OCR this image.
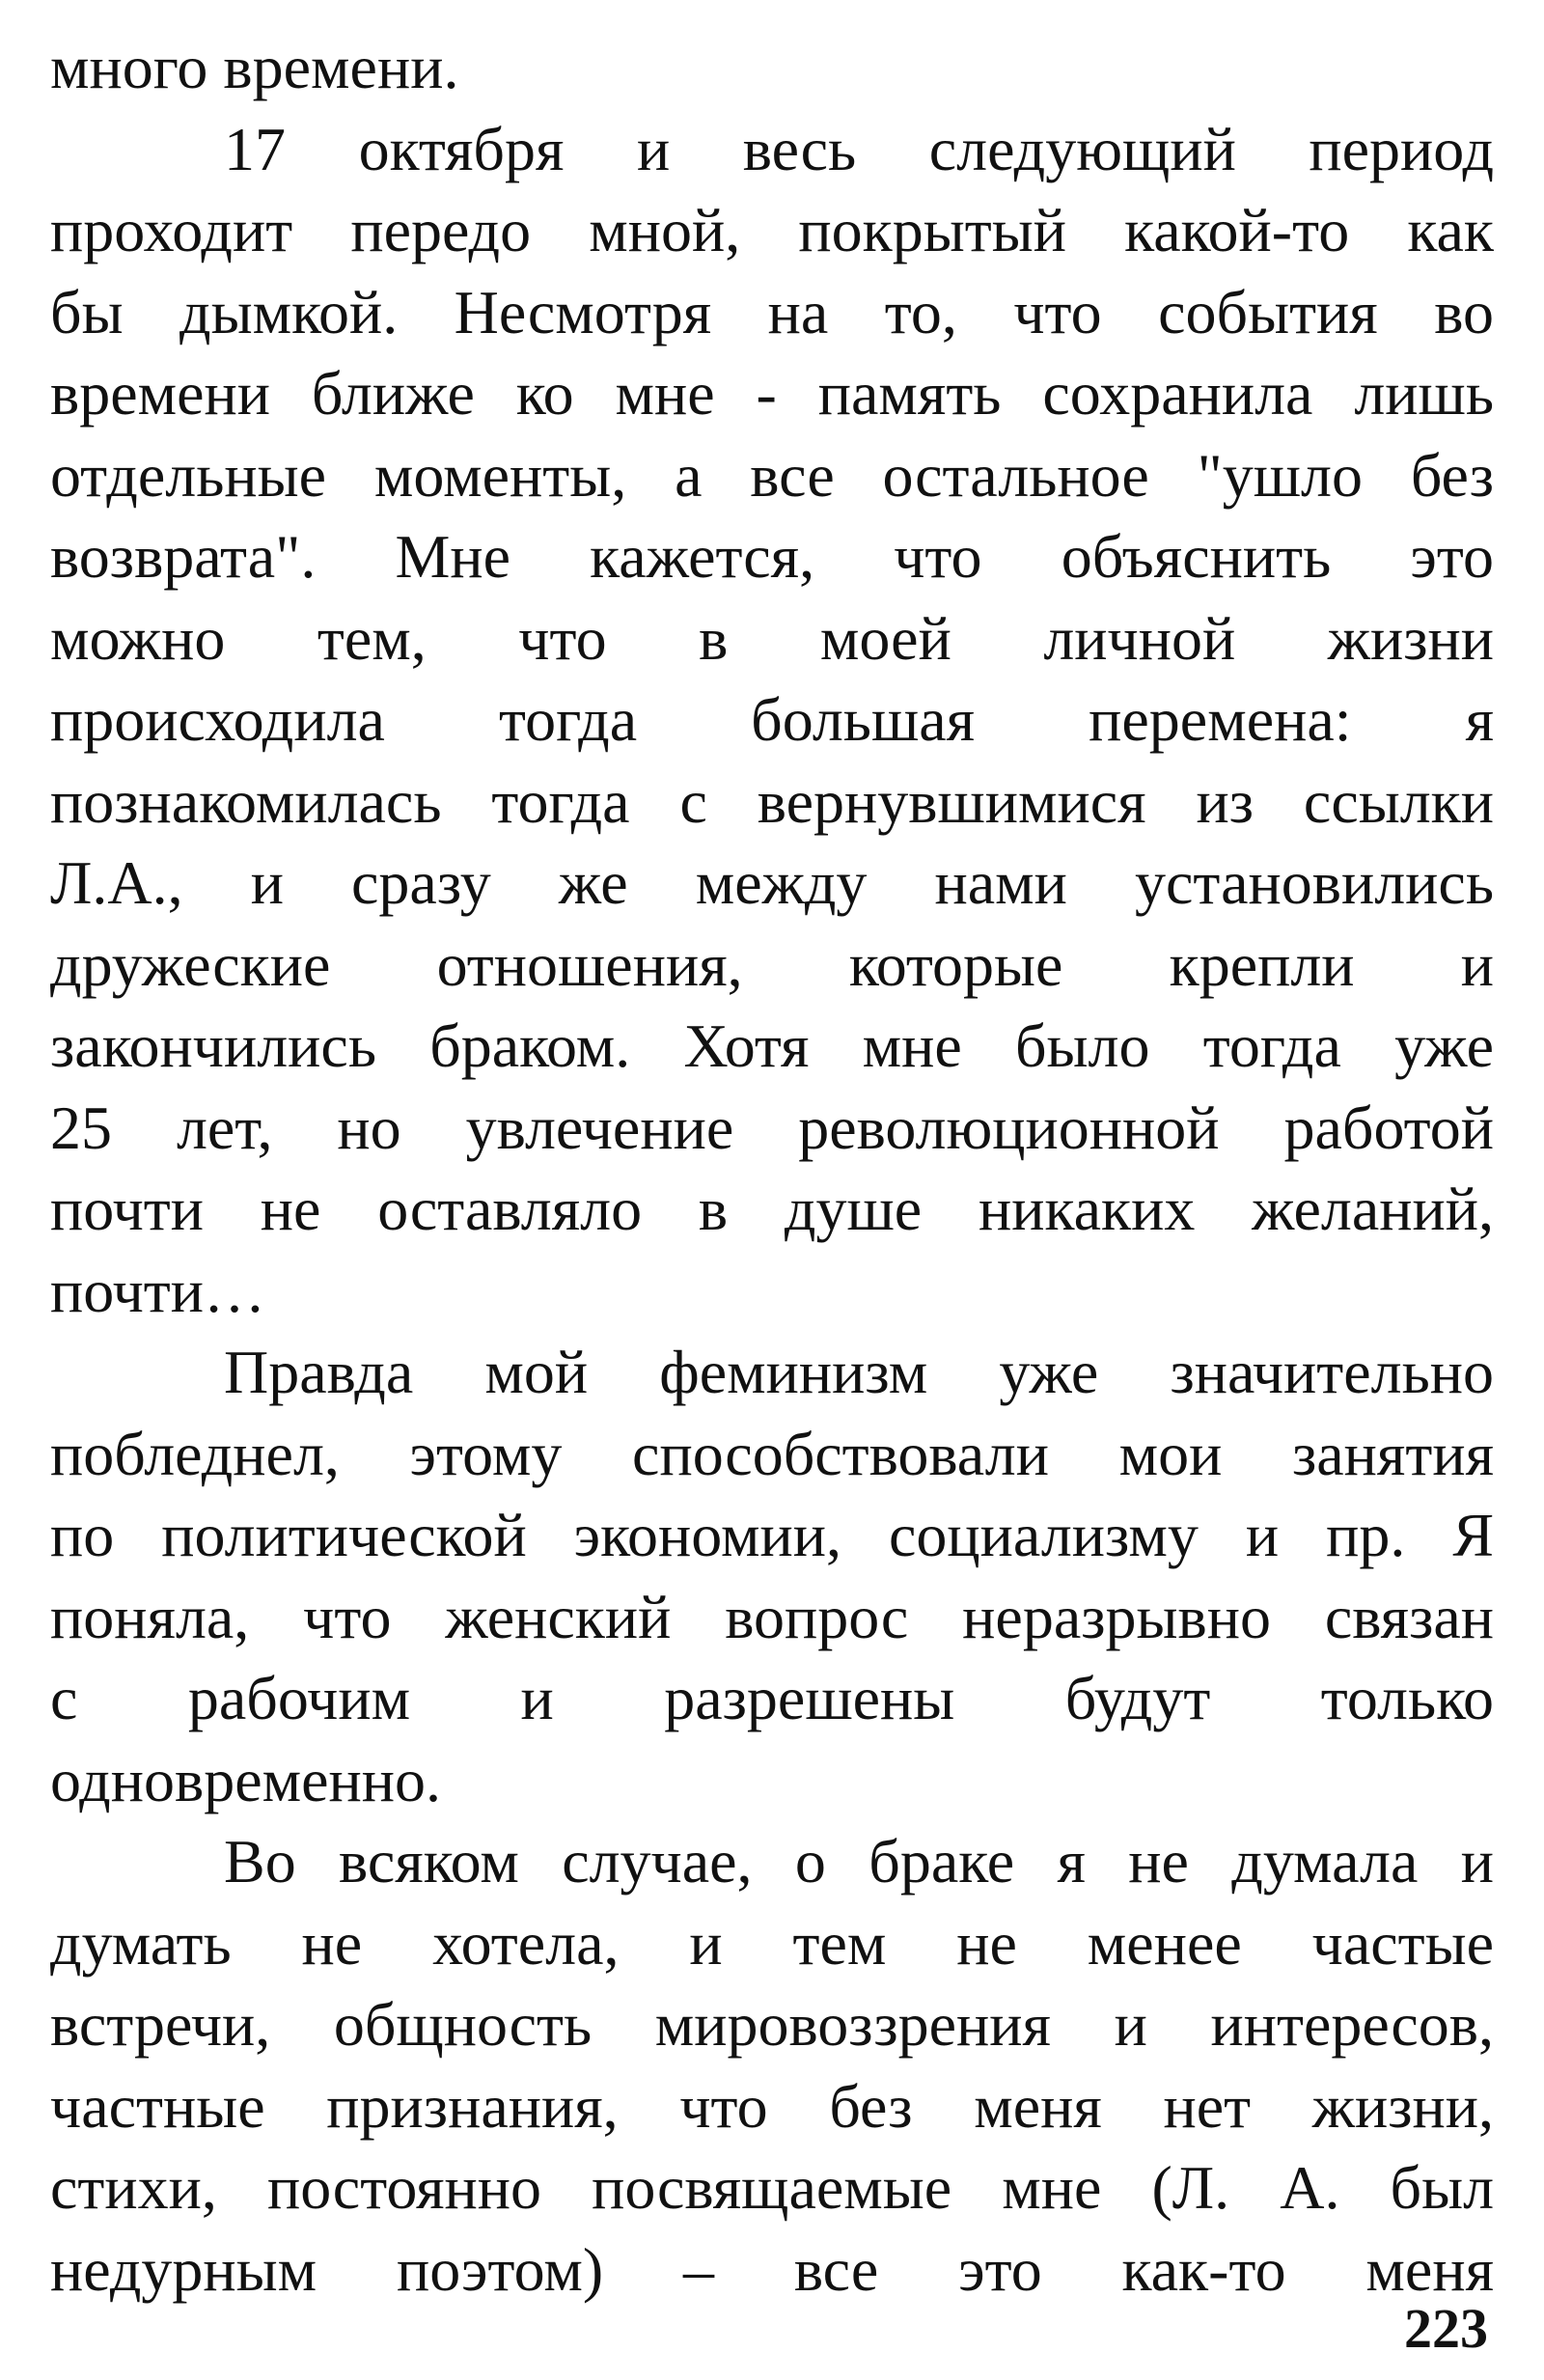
много времени.
17 октября и весь следующий период
проходит передо мной, покрытый какой-то как
бы дымкой. Несмотря на то, что события во
времени ближе ко мне - память сохранила лишь
отдельные моменты, а все остальное "ушло без
возврата". Мне кажется, что объяснить это
можно тем, что в моей личной жизни
происходила тогда большая перемена: я
познакомилась тогда с вернувшимися из ссылки
Л.А., и сразу же между нами установились
дружеские отношения, которые крепли и
закончились браком. Хотя мне было тогда уже
25 лет, но увлечение революционной работой
почти не оставляло в душе никаких желаний,
почти…
Правда мой феминизм уже значительно
побледнел, этому способствовали мои занятия
по политической экономии, социализму и пр. Я
поняла, что женский вопрос неразрывно связан
с рабочим и разрешены будут только
одновременно.
Во всяком случае, о браке я не думала и
думать не хотела, и тем не менее частые
встречи, общность мировоззрения и интересов,
частные признания, что без меня нет жизни,
стихи, постоянно посвящаемые мне (Л. А. был
недурным поэтом) – все это как-то меня
223
